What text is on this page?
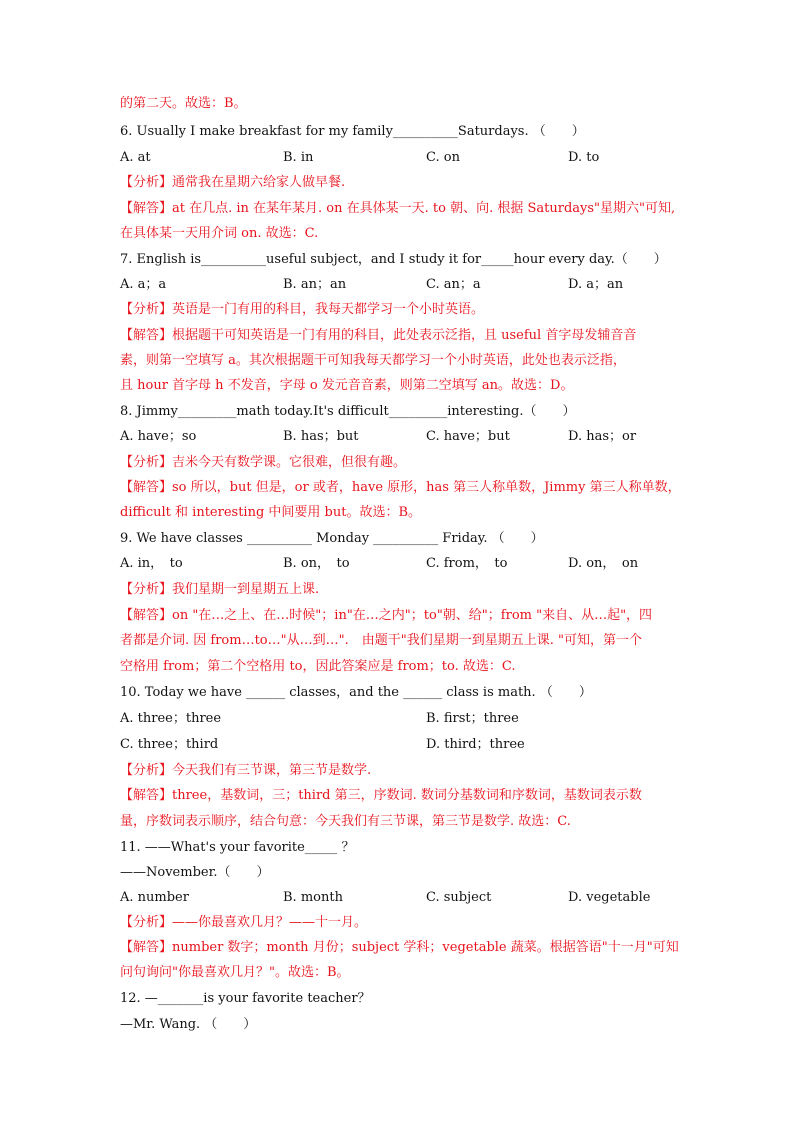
的第二天。故选：B。
6. Usually I make breakfast for my family__________Saturdays. （　　）
A. at	B. in	C. on	D. to
【分析】通常我在星期六给家人做早餐.
【解答】at 在几点. in 在某年某月. on 在具体某一天. to 朝、向. 根据 Saturdays"星期六"可知,
在具体某一天用介词 on. 故选：C.
7. English is__________useful subject，and I study it for_____hour every day.（　　）
A. a；a	B. an；an	C. an；a	D. a；an
【分析】英语是一门有用的科目，我每天都学习一个小时英语。
【解答】根据题干可知英语是一门有用的科目，此处表示泛指，且 useful 首字母发辅音音
素，则第一空填写 a。其次根据题干可知我每天都学习一个小时英语，此处也表示泛指，
且 hour 首字母 h 不发音，字母 o 发元音音素，则第二空填写 an。故选：D。
8. Jimmy_________math today.It's difficult_________interesting.（　　）
A. have；so	B. has；but	C. have；but	D. has；or
【分析】吉米今天有数学课。它很难，但很有趣。
【解答】so 所以，but 但是，or 或者，have 原形，has 第三人称单数，Jimmy 第三人称单数，
difficult 和 interesting 中间要用 but。故选：B。
9. We have classes __________ Monday __________ Friday. （　　）
A. in，　to	B. on，　to	C. from，　to	D. on，　on
【分析】我们星期一到星期五上课.
【解答】on "在…之上、在…时候"；in"在…之内"；to"朝、给"；from "来自、从…起"，四
者都是介词. 因 from…to…"从…到…".　由题干"我们星期一到星期五上课. "可知，第一个
空格用 from；第二个空格用 to，因此答案应是 from；to. 故选：C.
10. Today we have ______ classes，and the ______ class is math. （　　）
A. three；three	B. first；three
C. three；third	D. third；three
【分析】今天我们有三节课，第三节是数学.
【解答】three，基数词，三；third 第三，序数词. 数词分基数词和序数词，基数词表示数
量，序数词表示顺序，结合句意：今天我们有三节课，第三节是数学. 故选：C.
11. ——What's your favorite_____ ？
——November.（　　）
A. number	B. month	C. subject	D. vegetable
【分析】——你最喜欢几月？——十一月。
【解答】number 数字；month 月份；subject 学科；vegetable 蔬菜。根据答语"十一月"可知
问句询问"你最喜欢几月？"。故选：B。
12. —_______is your favorite teacher？
—Mr. Wang. （　　）
